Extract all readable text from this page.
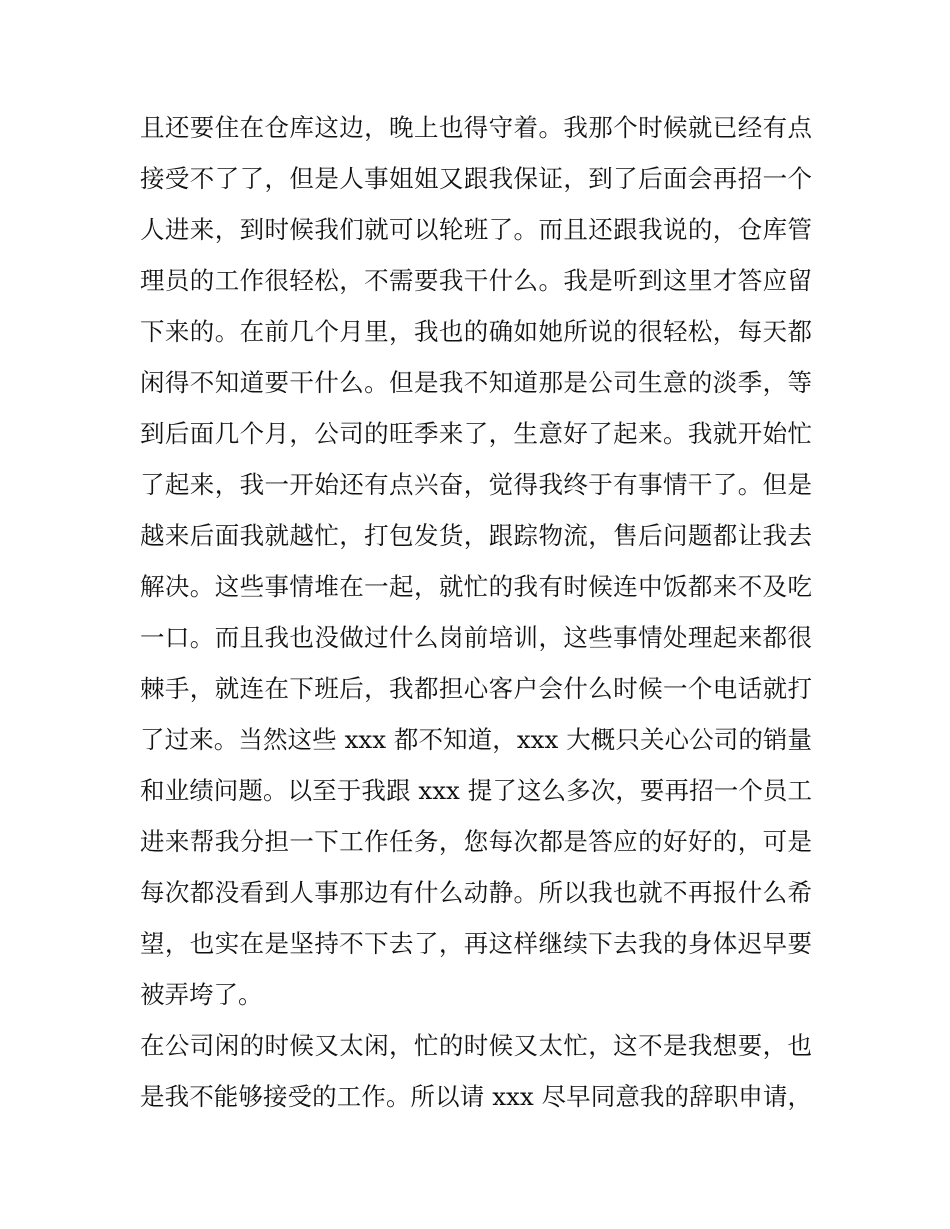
且还要住在仓库这边，晚上也得守着。我那个时候就已经有点
接受不了了，但是人事姐姐又跟我保证，到了后面会再招一个
人进来，到时候我们就可以轮班了。而且还跟我说的，仓库管
理员的工作很轻松，不需要我干什么。我是听到这里才答应留
下来的。在前几个月里，我也的确如她所说的很轻松，每天都
闲得不知道要干什么。但是我不知道那是公司生意的淡季，等
到后面几个月，公司的旺季来了，生意好了起来。我就开始忙
了起来，我一开始还有点兴奋，觉得我终于有事情干了。但是
越来后面我就越忙，打包发货，跟踪物流，售后问题都让我去
解决。这些事情堆在一起，就忙的我有时候连中饭都来不及吃
一口。而且我也没做过什么岗前培训，这些事情处理起来都很
棘手，就连在下班后，我都担心客户会什么时候一个电话就打
了过来。当然这些 xxx 都不知道，xxx 大概只关心公司的销量
和业绩问题。以至于我跟 xxx 提了这么多次，要再招一个员工
进来帮我分担一下工作任务，您每次都是答应的好好的，可是
每次都没看到人事那边有什么动静。所以我也就不再报什么希
望，也实在是坚持不下去了，再这样继续下去我的身体迟早要
被弄垮了。
在公司闲的时候又太闲，忙的时候又太忙，这不是我想要，也
是我不能够接受的工作。所以请 xxx 尽早同意我的辞职申请，
